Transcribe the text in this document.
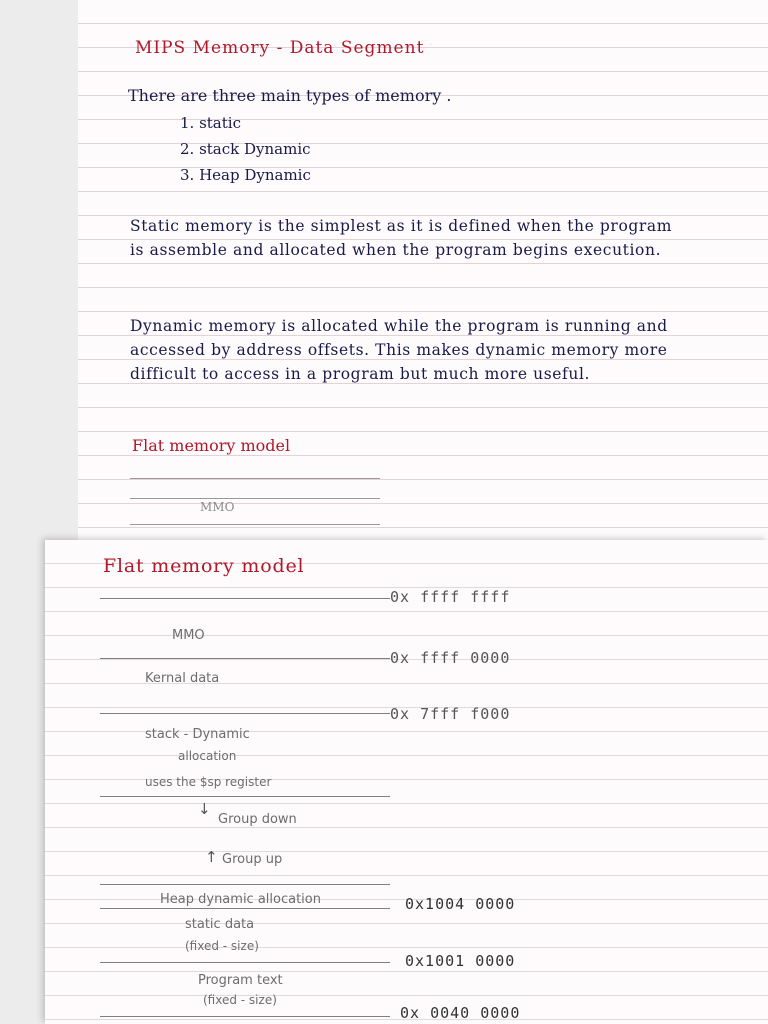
MIPS Memory - Data Segment
There are three main types of memory .
1. static
2. stack Dynamic
3. Heap Dynamic
Static memory is the simplest as it is defined when the program is assemble and allocated when the program begins execution.
Dynamic memory is allocated while the program is running and accessed by address offsets. This makes dynamic memory more difficult to access in a program but much more useful.
Flat memory model
MMO
Flat memory model
0x ffff ffff
MMO
0x ffff 0000
Kernal data
0x 7fff f000
stack - Dynamic
allocation
uses the $sp register
↓
Group down
↑ Group up
Heap dynamic allocation	0x1004 0000
static data
(fixed - size)
0x1001 0000
Program text
(fixed - size)
0x 0040 0000
